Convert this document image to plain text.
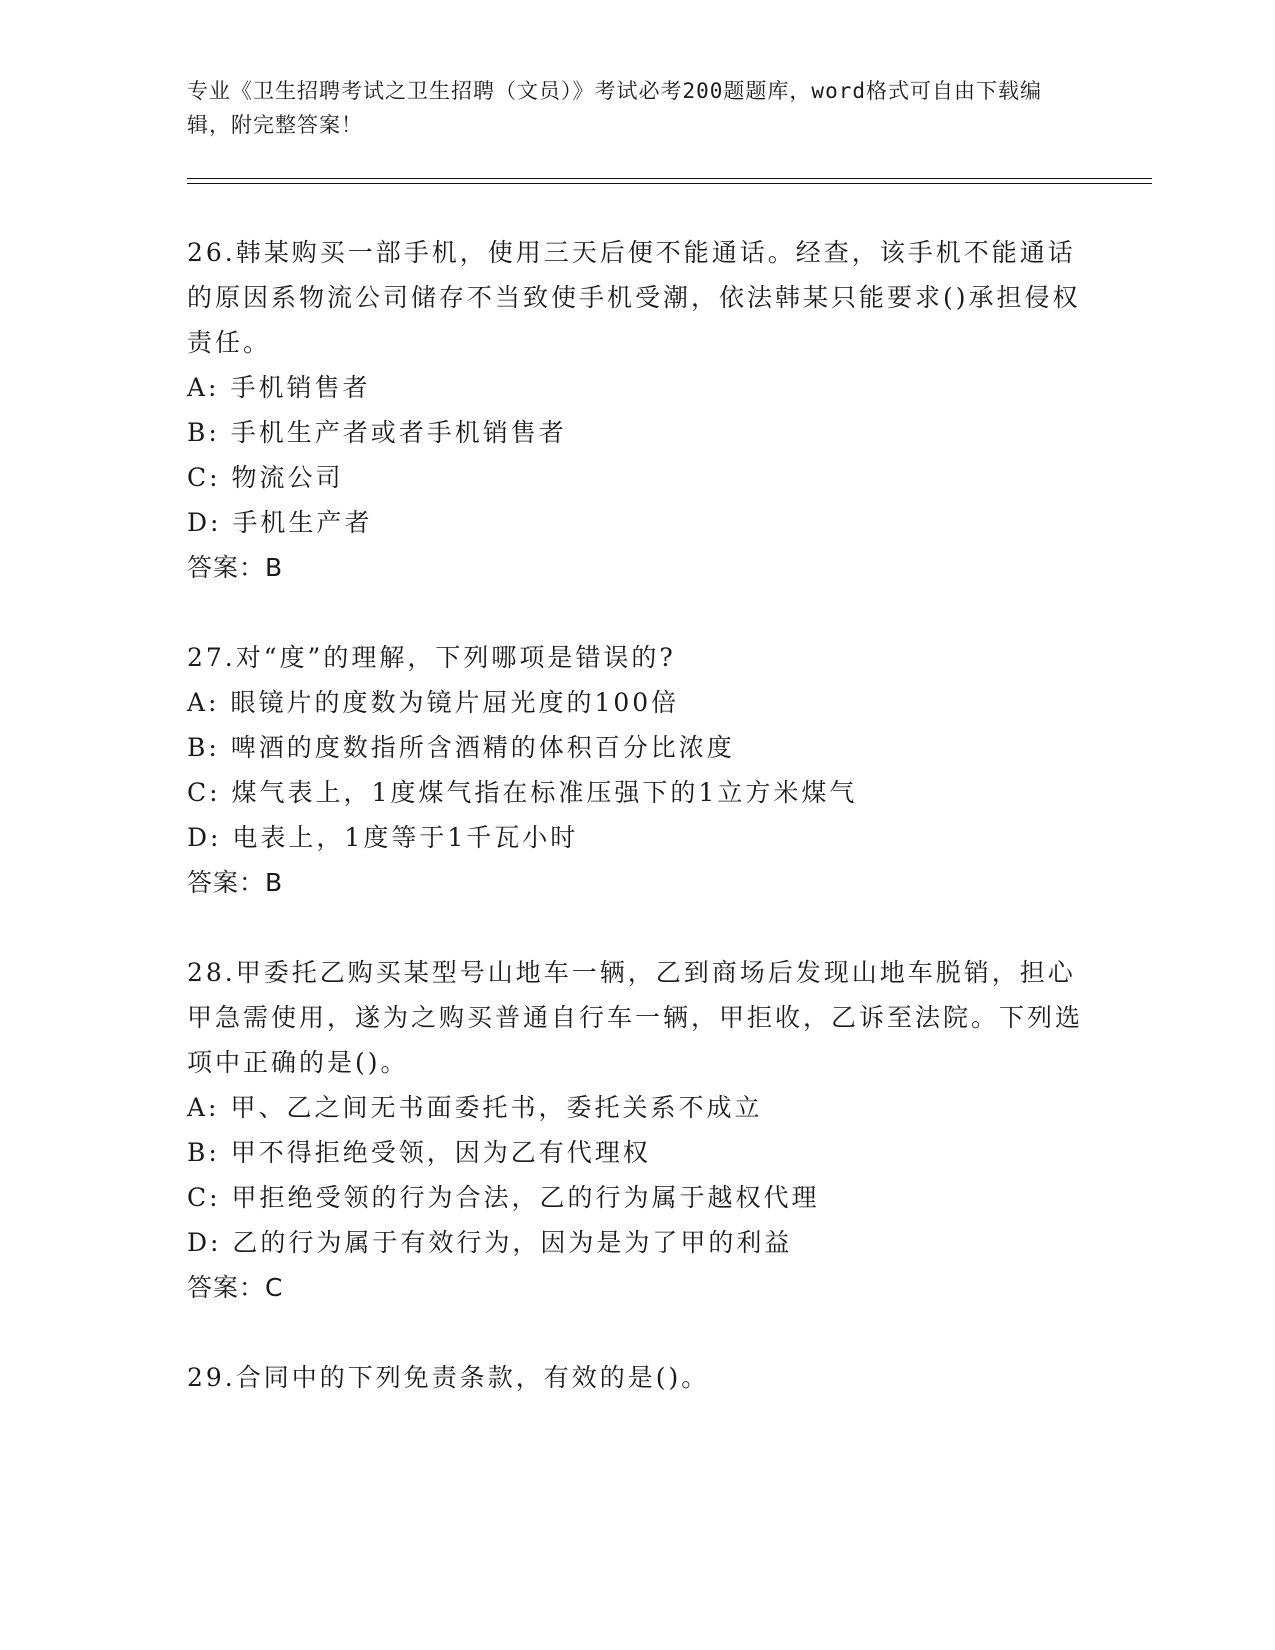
专业《卫生招聘考试之卫生招聘（文员）》考试必考200题题库，word格式可自由下载编辑，附完整答案！

26.韩某购买一部手机，使用三天后便不能通话。经查，该手机不能通话的原因系物流公司储存不当致使手机受潮，依法韩某只能要求()承担侵权责任。

A: 手机销售者

B: 手机生产者或者手机销售者

C: 物流公司

D: 手机生产者

答案：B

27.对“度”的理解，下列哪项是错误的?

A: 眼镜片的度数为镜片屈光度的100倍

B: 啤酒的度数指所含酒精的体积百分比浓度

C: 煤气表上，1度煤气指在标准压强下的1立方米煤气

D: 电表上，1度等于1千瓦小时

答案：B

28.甲委托乙购买某型号山地车一辆，乙到商场后发现山地车脱销，担心甲急需使用，遂为之购买普通自行车一辆，甲拒收，乙诉至法院。下列选项中正确的是()。

A: 甲、乙之间无书面委托书，委托关系不成立

B: 甲不得拒绝受领，因为乙有代理权

C: 甲拒绝受领的行为合法，乙的行为属于越权代理

D: 乙的行为属于有效行为，因为是为了甲的利益

答案：C

29.合同中的下列免责条款，有效的是()。
